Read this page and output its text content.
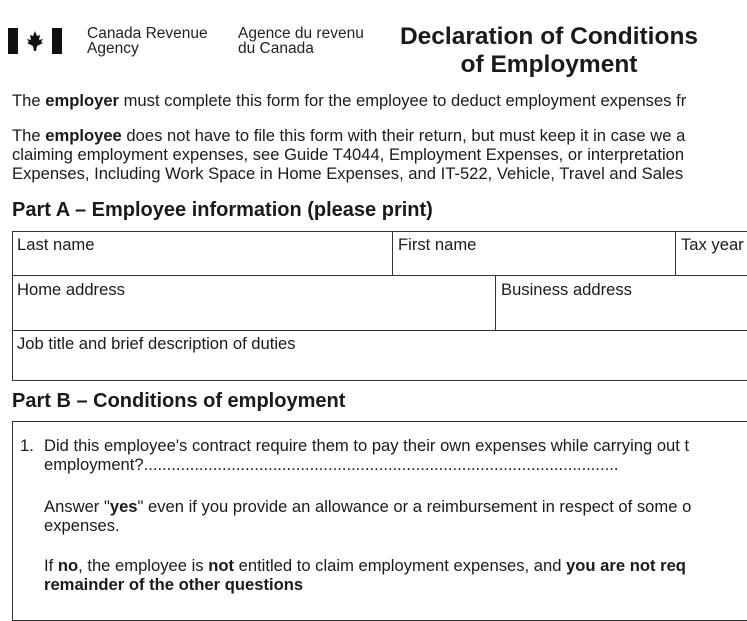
Canada Revenue
Agency
Agence du revenu
du Canada	Declaration of Conditions
of Employment
The employer must complete this form for the employee to deduct employment expenses fr
The employee does not have to file this form with their return, but must keep it in case we a
claiming employment expenses, see Guide T4044, Employment Expenses, or interpretation
Expenses, Including Work Space in Home Expenses, and IT-522, Vehicle, Travel and Sales
Part A – Employee information (please print)
Last name	First name	Tax year
Home address	Business address
Job title and brief description of duties
Part B – Conditions of employment
1. Did this employee's contract require them to pay their own expenses while carrying out t
employment?.......................................................................................................
Answer "yes" even if you provide an allowance or a reimbursement in respect of some o
expenses.
If no, the employee is not entitled to claim employment expenses, and you are not req
remainder of the other questions
